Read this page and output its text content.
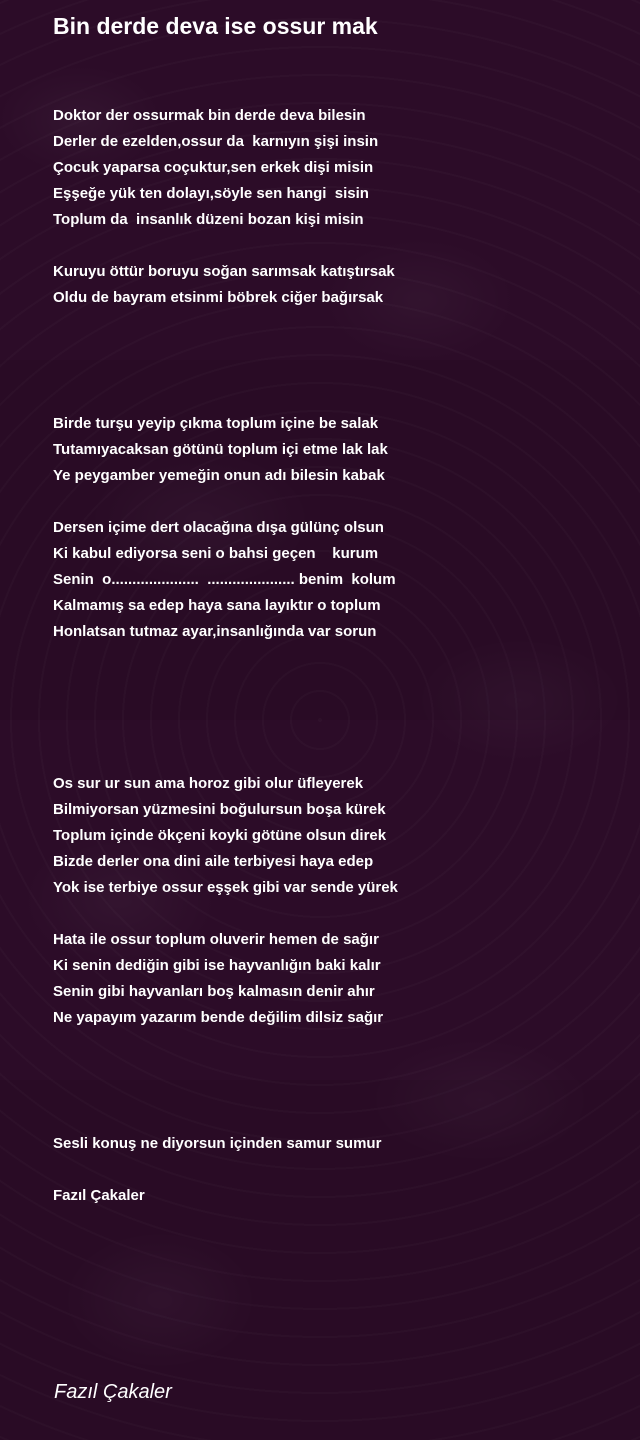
Bin derde deva ise ossur mak
Doktor der ossurmak bin derde deva bilesin
Derler de ezelden,ossur da  karnıyın şişi insin
Çocuk yaparsa coçuktur,sen erkek dişi misin
Eşşeğe yük ten dolayı,söyle sen hangi  sisin
Toplum da  insanlık düzeni bozan kişi misin
Kuruyu öttür boruyu soğan sarımsak katıştırsak
Oldu de bayram etsinmi böbrek ciğer bağırsak
Birde turşu yeyip çıkma toplum içine be salak
Tutamıyacaksan götünü toplum içi etme lak lak
Ye peygamber yemeğin onun adı bilesin kabak
Dersen içime dert olacağına dışa gülünç olsun
Ki kabul ediyorsa seni o bahsi geçen    kurum
Senin  o.....................  ..................... benim  kolum
Kalmamış sa edep haya sana layıktır o toplum
Honlatsan tutmaz ayar,insanlığında var sorun
Os sur ur sun ama horoz gibi olur üfleyerek
Bilmiyorsan yüzmesini boğulursun boşa kürek
Toplum içinde ökçeni koyki götüne olsun direk
Bizde derler ona dini aile terbiyesi haya edep
Yok ise terbiye ossur eşşek gibi var sende yürek
Hata ile ossur toplum oluverir hemen de sağır
Ki senin dediğin gibi ise hayvanlığın baki kalır
Senin gibi hayvanları boş kalmasın denir ahır
Ne yapayım yazarım bende değilim dilsiz sağır
Sesli konuş ne diyorsun içinden samur sumur
Fazıl Çakaler
Fazıl Çakaler
